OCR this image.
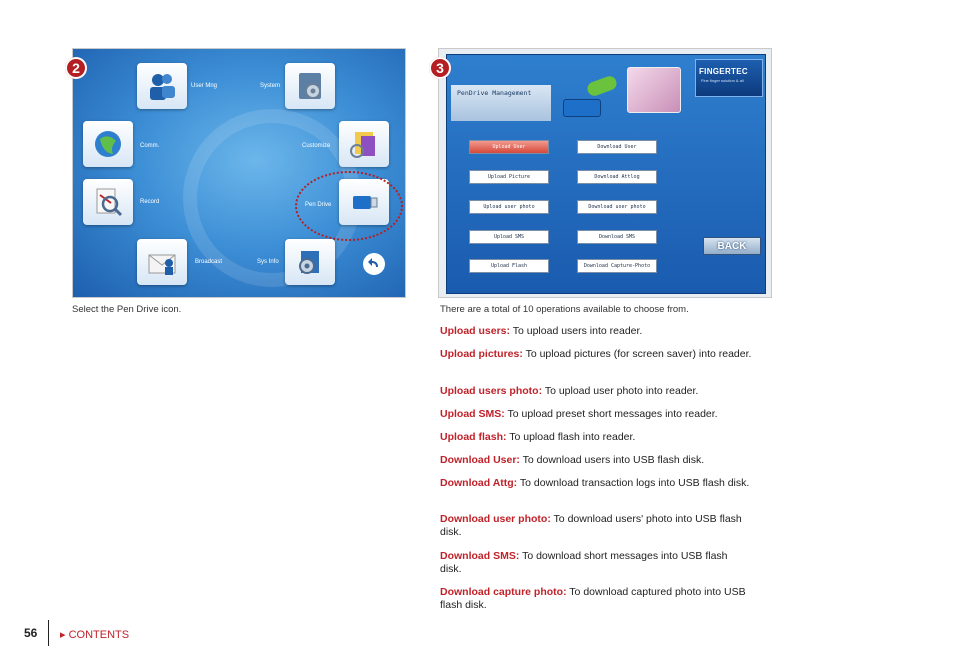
User Mng	System
Comm.	Customize
Record	Pen Drive
Broadcast	Sys Info
2
Select the Pen Drive icon.
PenDrive Management
FINGERTEC
Fine finger solution & all
Upload User	Download User
Upload Picture	Download Attlog
Upload user photo	Download user photo
Upload SMS	Download SMS
Upload Flash	Download Capture-Photo
BACK
3
There are a total of 10 operations available to choose from.
Upload users: To upload users into reader.
Upload pictures: To upload pictures (for screen saver) into reader.
Upload users photo: To upload user photo into reader.
Upload SMS: To upload preset short messages into reader.
Upload flash: To upload flash into reader.
Download User: To download users into USB flash disk.
Download Attg: To download transaction logs into USB flash disk.
Download user photo: To download users' photo into USB flash disk.
Download SMS: To download short messages into USB flash disk.
Download capture photo: To download captured photo into USB flash disk.
56 ▸ CONTENTS
